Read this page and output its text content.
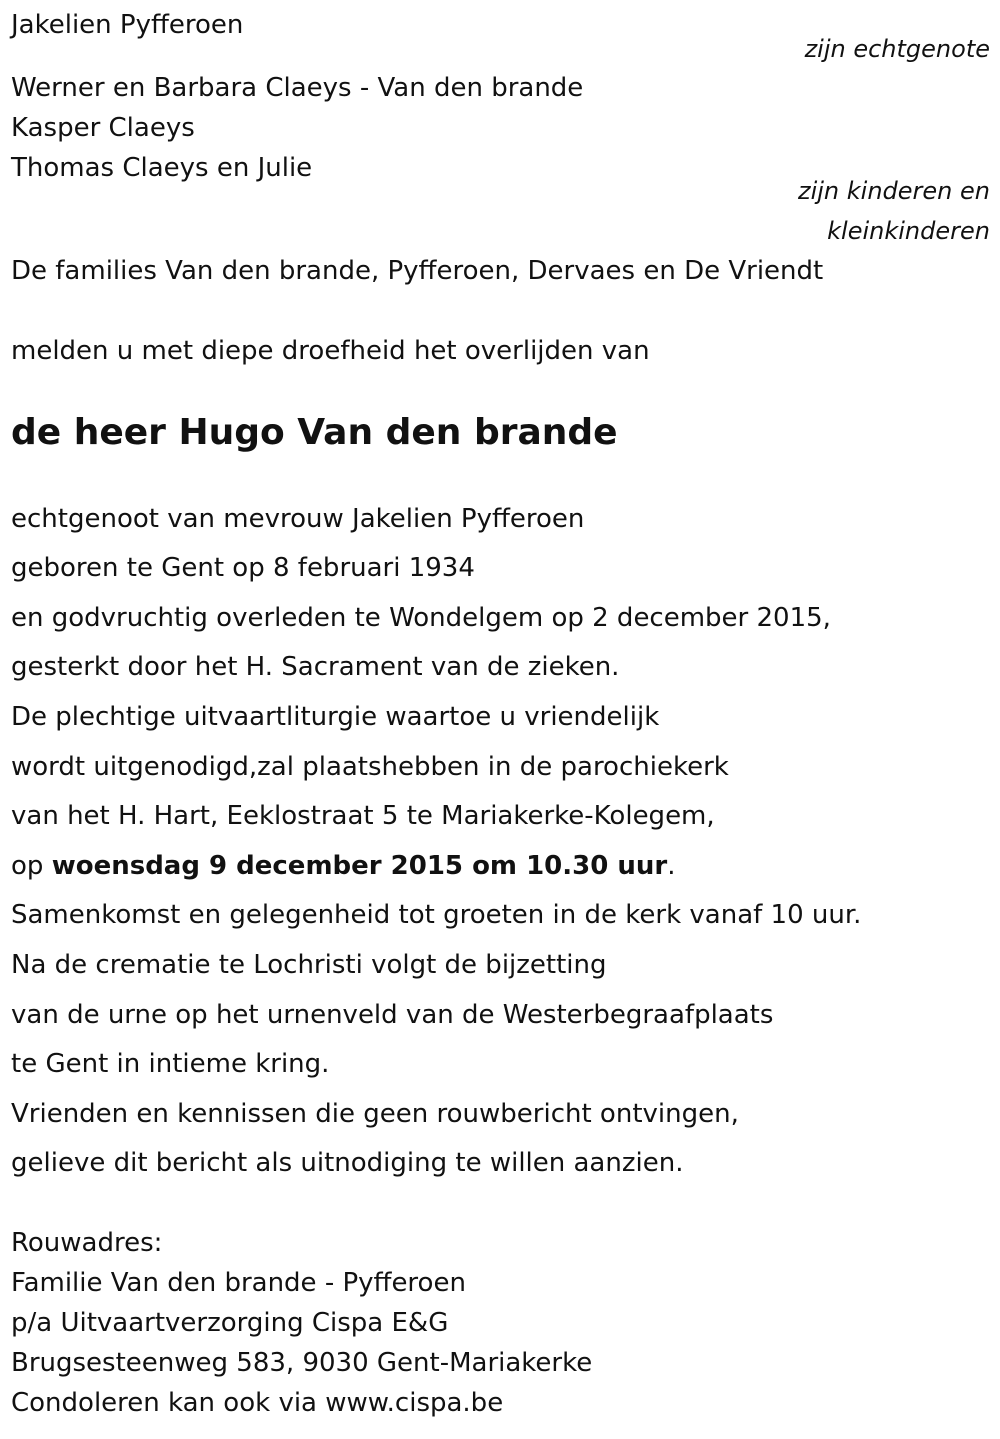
Jakelien Pyfferoen
zijn echtgenote
Werner en Barbara Claeys - Van den brande
Kasper Claeys
Thomas Claeys en Julie
zijn kinderen en
kleinkinderen
De families Van den brande, Pyfferoen, Dervaes en De Vriendt
melden u met diepe droefheid het overlijden van
de heer Hugo Van den brande
echtgenoot van mevrouw Jakelien Pyfferoen
geboren te Gent op 8 februari 1934
en godvruchtig overleden te Wondelgem op 2 december 2015,
gesterkt door het H. Sacrament van de zieken.
De plechtige uitvaartliturgie waartoe u vriendelijk
wordt uitgenodigd,zal plaatshebben in de parochiekerk
van het H. Hart, Eeklostraat 5 te Mariakerke-Kolegem,
op woensdag 9 december 2015 om 10.30 uur.
Samenkomst en gelegenheid tot groeten in de kerk vanaf 10 uur.
Na de crematie te Lochristi volgt de bijzetting
van de urne op het urnenveld van de Westerbegraafplaats
te Gent in intieme kring.
Vrienden en kennissen die geen rouwbericht ontvingen,
gelieve dit bericht als uitnodiging te willen aanzien.
Rouwadres:
Familie Van den brande - Pyfferoen
p/a Uitvaartverzorging Cispa E&G
Brugsesteenweg 583, 9030 Gent-Mariakerke
Condoleren kan ook via www.cispa.be
